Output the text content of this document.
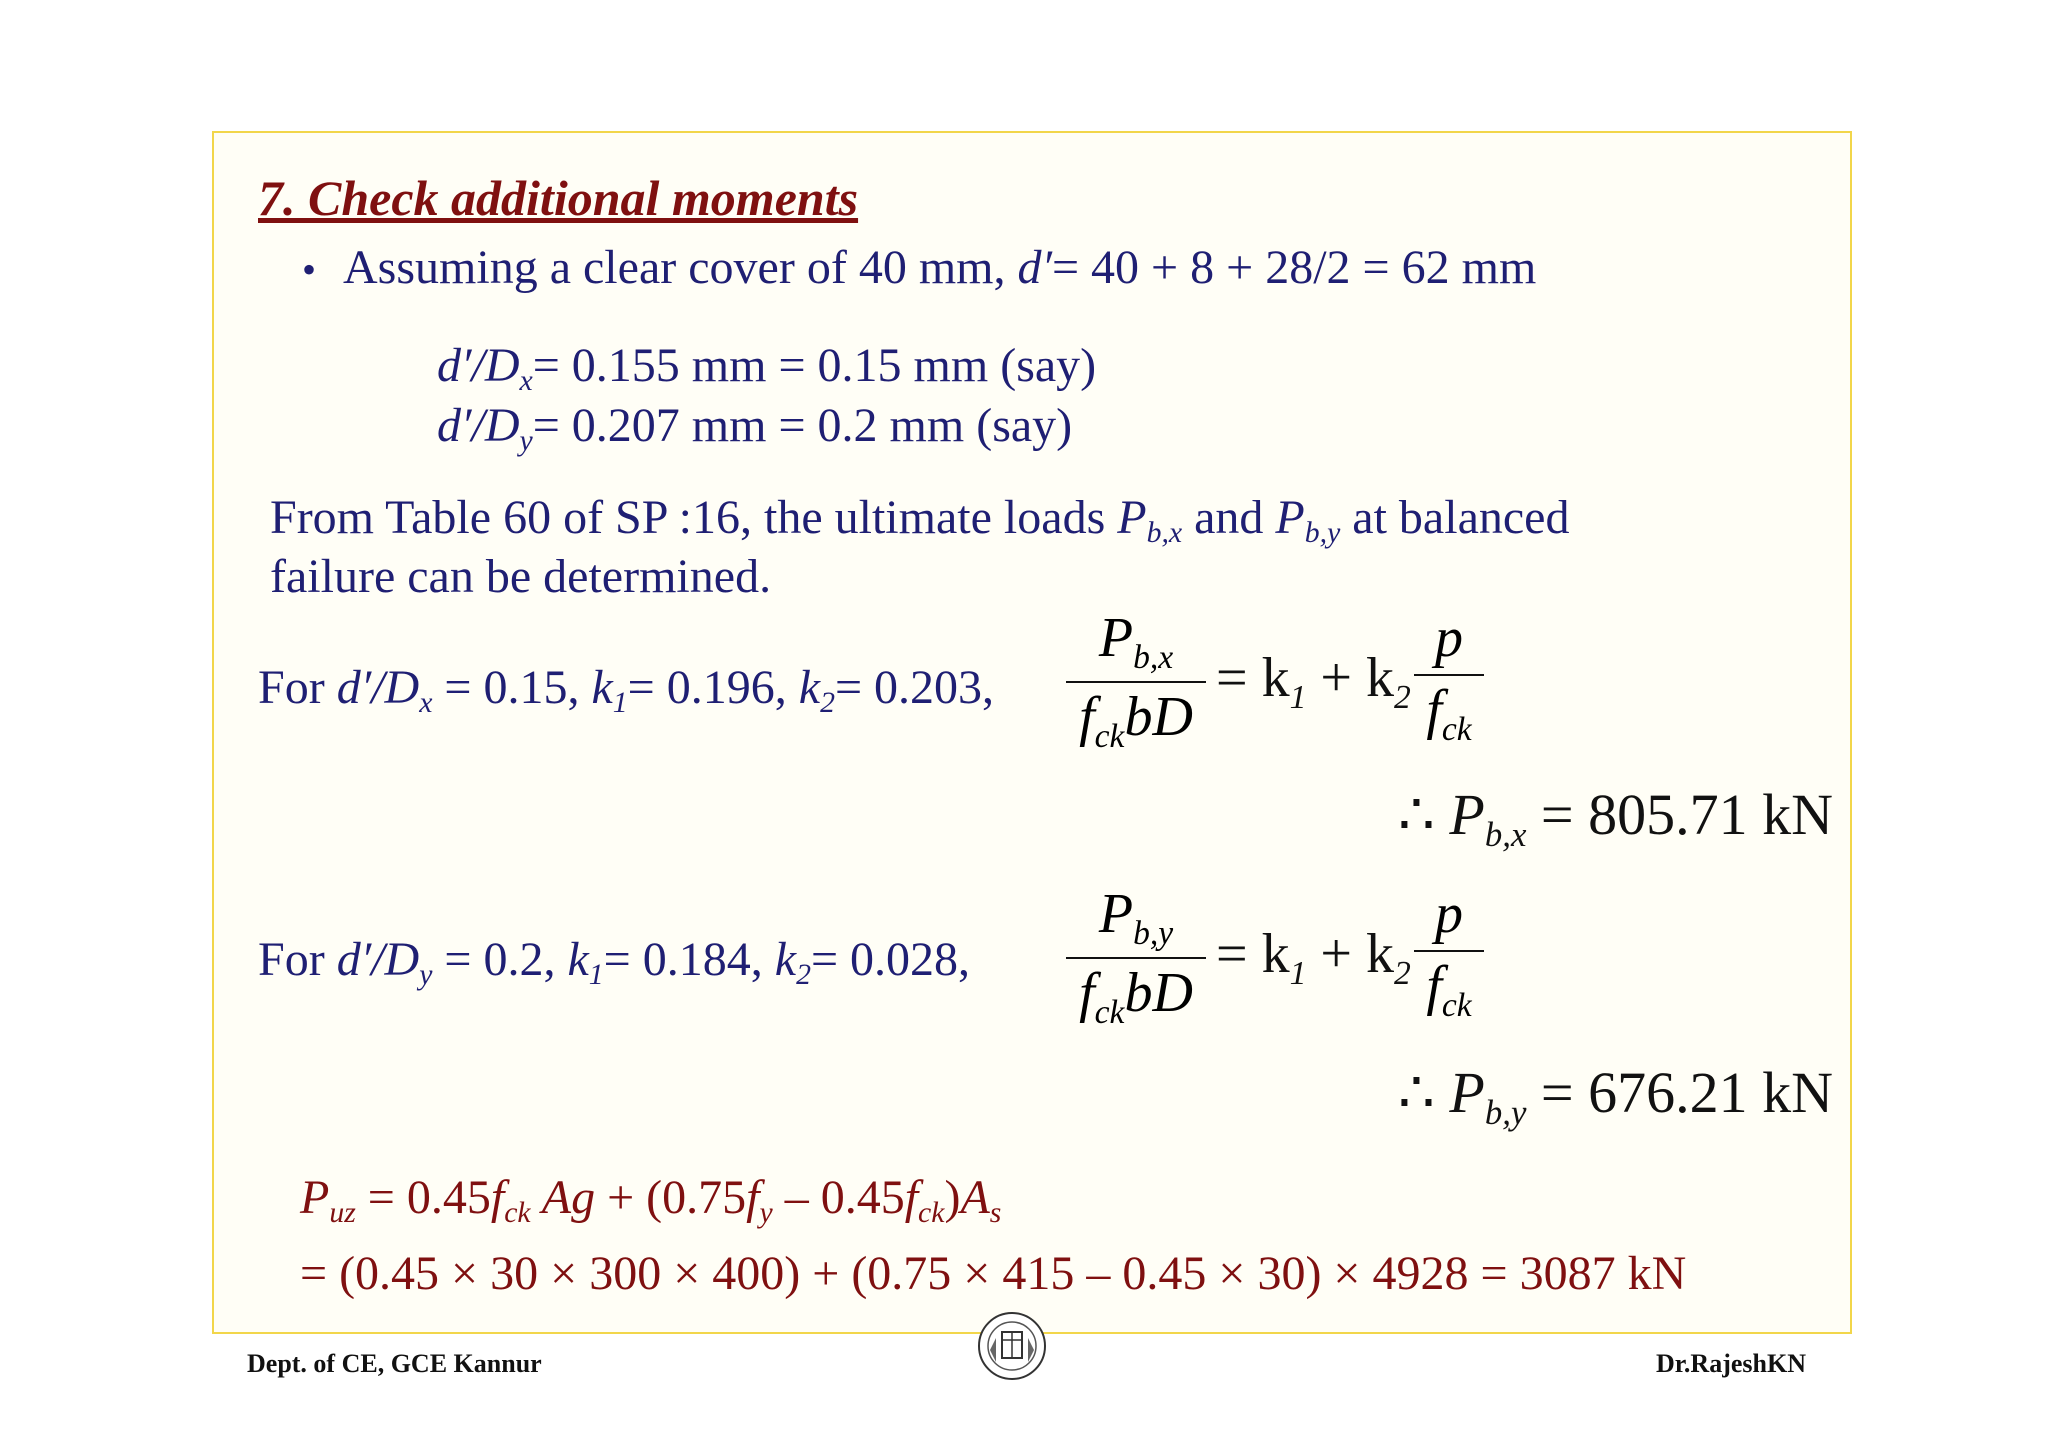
7. Check additional moments
• Assuming a clear cover of 40 mm, d′= 40 + 8 + 28/2 = 62 mm
$d'/D_x= 0.155$ mm = 0.15 mm (say)
$d'/D_y= 0.207$ mm = 0.2 mm (say)
From Table 60 of SP :16, the ultimate loads $P_{b,x}$ and $P_{b,y}$ at balanced
failure can be determined.
For $d'/D_x = 0.15$, $k_1= 0.196$, $k_2= 0.203$,
$P_{b,x}$
$f_{ck}bD$
= $k_1 + k_2$
p
$f_{ck}$
∴ $P_{b,x} = 805.71$ kN
For $d'/D_y = 0.2$, $k_1= 0.184$, $k_2= 0.028$,
$P_{b,y}$
$f_{ck}bD$
= $k_1 + k_2$
p
$f_{ck}$
∴ $P_{b,y} = 676.21$ kN
$P_{uz} = 0.45f_{ck}$ $Ag + (0.75f_y - 0.45f_{ck})A_s$
= (0.45 × 30 × 300 × 400) + (0.75 × 415 – 0.45 × 30) × 4928 = 3087 kN
Dept. of CE, GCE Kannur	Dr.RajeshKN
